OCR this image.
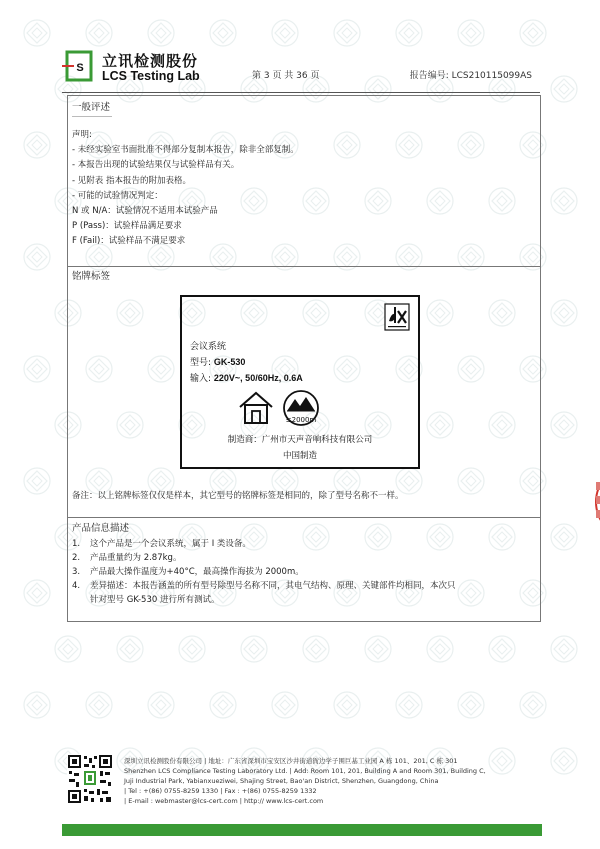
S 立讯检测股份
LCS Testing Lab	第 3 页 共 36 页	报告编号: LCS210115099AS
一般评述
声明:
- 未经实验室书面批准不得部分复制本报告，除非全部复制。
- 本报告出现的试验结果仅与试验样品有关。
- 见附表 指本报告的附加表格。
- 可能的试验情况判定：
N 或 N/A：试验情况不适用本试验产品
P (Pass)：试验样品满足要求
F (Fail)：试验样品不满足要求
铭牌标签
会议系统
型号: GK-530
输入: 220V~, 50/60Hz, 0.6A
≤2000m
制造商：广州市天声音响科技有限公司
中国制造
备注：以上铭牌标签仅仅是样本，其它型号的铭牌标签是相同的，除了型号名称不一样。
产品信息描述
1. 这个产品是一个会议系统，属于 I 类设备。
2. 产品重量约为 2.87kg。
3. 产品最大操作温度为+40°C，最高操作海拔为 2000m。
4. 差异描述：本报告涵盖的所有型号除型号名称不同，其电气结构、原理、关键部件均相同，本次只
针对型号 GK-530 进行所有测试。
深圳立讯检测股份有限公司 | 地址：广东省深圳市宝安区沙井街道衙边学子围巨基工业园 A 栋 101、201, C 栋 301
Shenzhen LCS Compliance Testing Laboratory Ltd. | Add: Room 101, 201, Building A and Room 301, Building C,
Juji Industrial Park, Yabianxueziwei, Shajing Street, Bao'an District, Shenzhen, Guangdong, China
| Tel : +(86) 0755-8259 1330 | Fax : +(86) 0755-8259 1332
| E-mail : webmaster@lcs-cert.com | http:// www.lcs-cert.com
